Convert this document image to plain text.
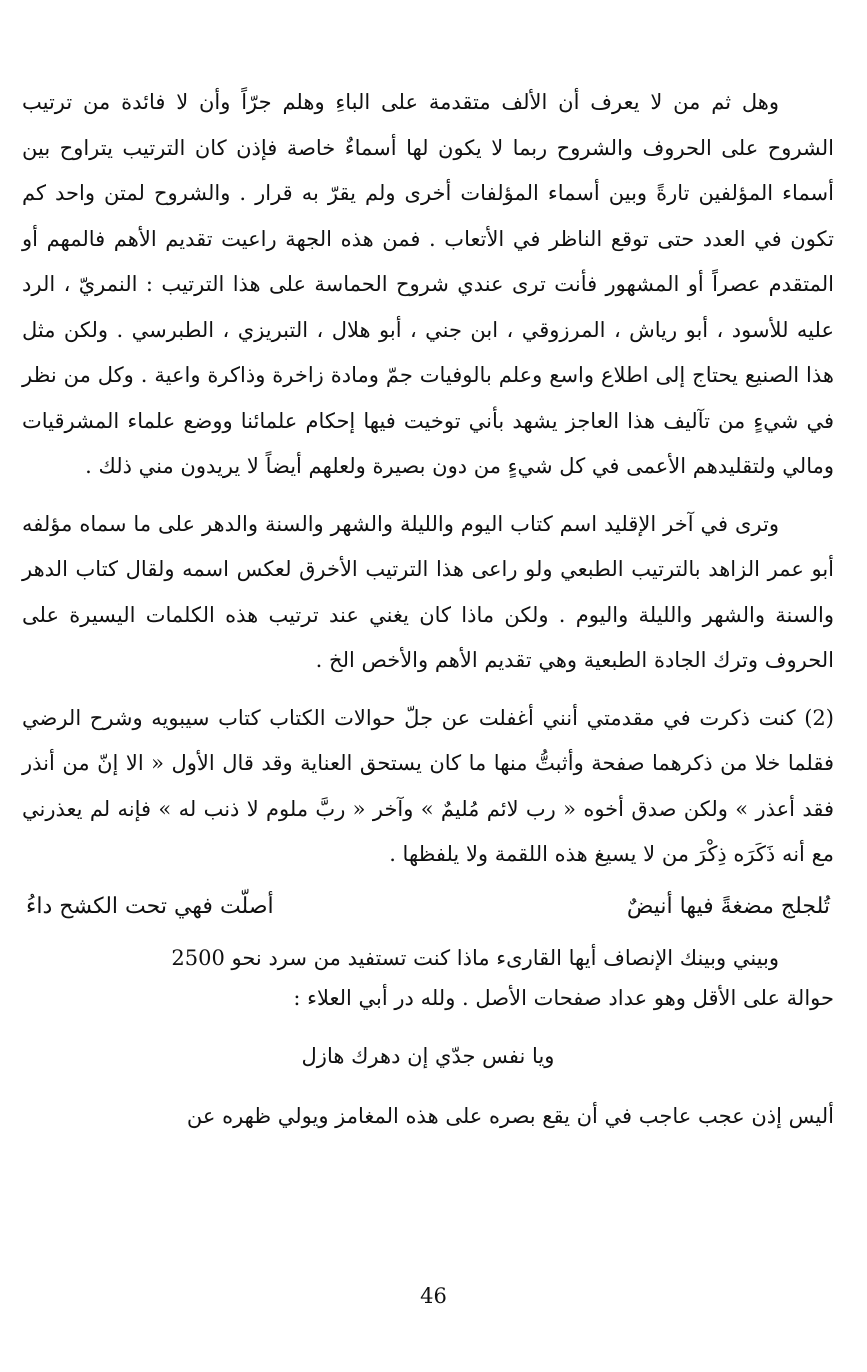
وهل ثم من لا يعرف أن الألف متقدمة على الباءِ وهلم جرّاً وأن لا فائدة من ترتيب الشروح على الحروف والشروح ربما لا يكون لها أسماءٌ خاصة فإذن كان الترتيب يتراوح بين أسماء المؤلفين تارةً وبين أسماء المؤلفات أخرى ولم يقرّ به قرار . والشروح لمتن واحد كم تكون في العدد حتى توقع الناظر في الأتعاب . فمن هذه الجهة راعيت تقديم الأهم فالمهم أو المتقدم عصراً أو المشهور فأنت ترى عندي شروح الحماسة على هذا الترتيب : النمريّ ، الرد عليه للأسود ، أبو رياش ، المرزوقي ، ابن جني ، أبو هلال ، التبريزي ، الطبرسي . ولكن مثل هذا الصنيع يحتاج إلى اطلاع واسع وعلم بالوفيات جمّ ومادة زاخرة وذاكرة واعية . وكل من نظر في شيءٍ من تآليف هذا العاجز يشهد بأني توخيت فيها إحكام علمائنا ووضع علماء المشرقيات ومالي ولتقليدهم الأعمى في كل شيءٍ من دون بصيرة ولعلهم أيضاً لا يريدون مني ذلك .

وترى في آخر الإقليد اسم كتاب اليوم والليلة والشهر والسنة والدهر على ما سماه مؤلفه أبو عمر الزاهد بالترتيب الطبعي ولو راعى هذا الترتيب الأخرق لعكس اسمه ولقال كتاب الدهر والسنة والشهر والليلة واليوم . ولكن ماذا كان يغني عند ترتيب هذه الكلمات اليسيرة على الحروف وترك الجادة الطبعية وهي تقديم الأهم والأخص الخ .

(2) كنت ذكرت في مقدمتي أنني أغفلت عن جلّ حوالات الكتاب كتاب سيبويه وشرح الرضي فقلما خلا من ذكرهما صفحة وأثبتُّ منها ما كان يستحق العناية وقد قال الأول « الا إنّ من أنذر فقد أعذر » ولكن صدق أخوه « رب لائم مُليمٌ » وآخر « ربَّ ملوم لا ذنب له » فإنه لم يعذرني مع أنه ذَكَرَه ذِكْرَ من لا يسيغ هذه اللقمة ولا يلفظها .

تُلجلج مضغةً فيها أنيضٌ
أصلّت فهي تحت الكشح داءُ

وبيني وبينك الإنصاف أيها القارىء ماذا كنت تستفيد من سرد نحو 2500

حوالة على الأقل وهو عداد صفحات الأصل . ولله در أبي العلاء :

ويا نفس جدّي إن دهرك هازل

أليس إذن عجب عاجب في أن يقع بصره على هذه المغامز ويولي ظهره عن

46
